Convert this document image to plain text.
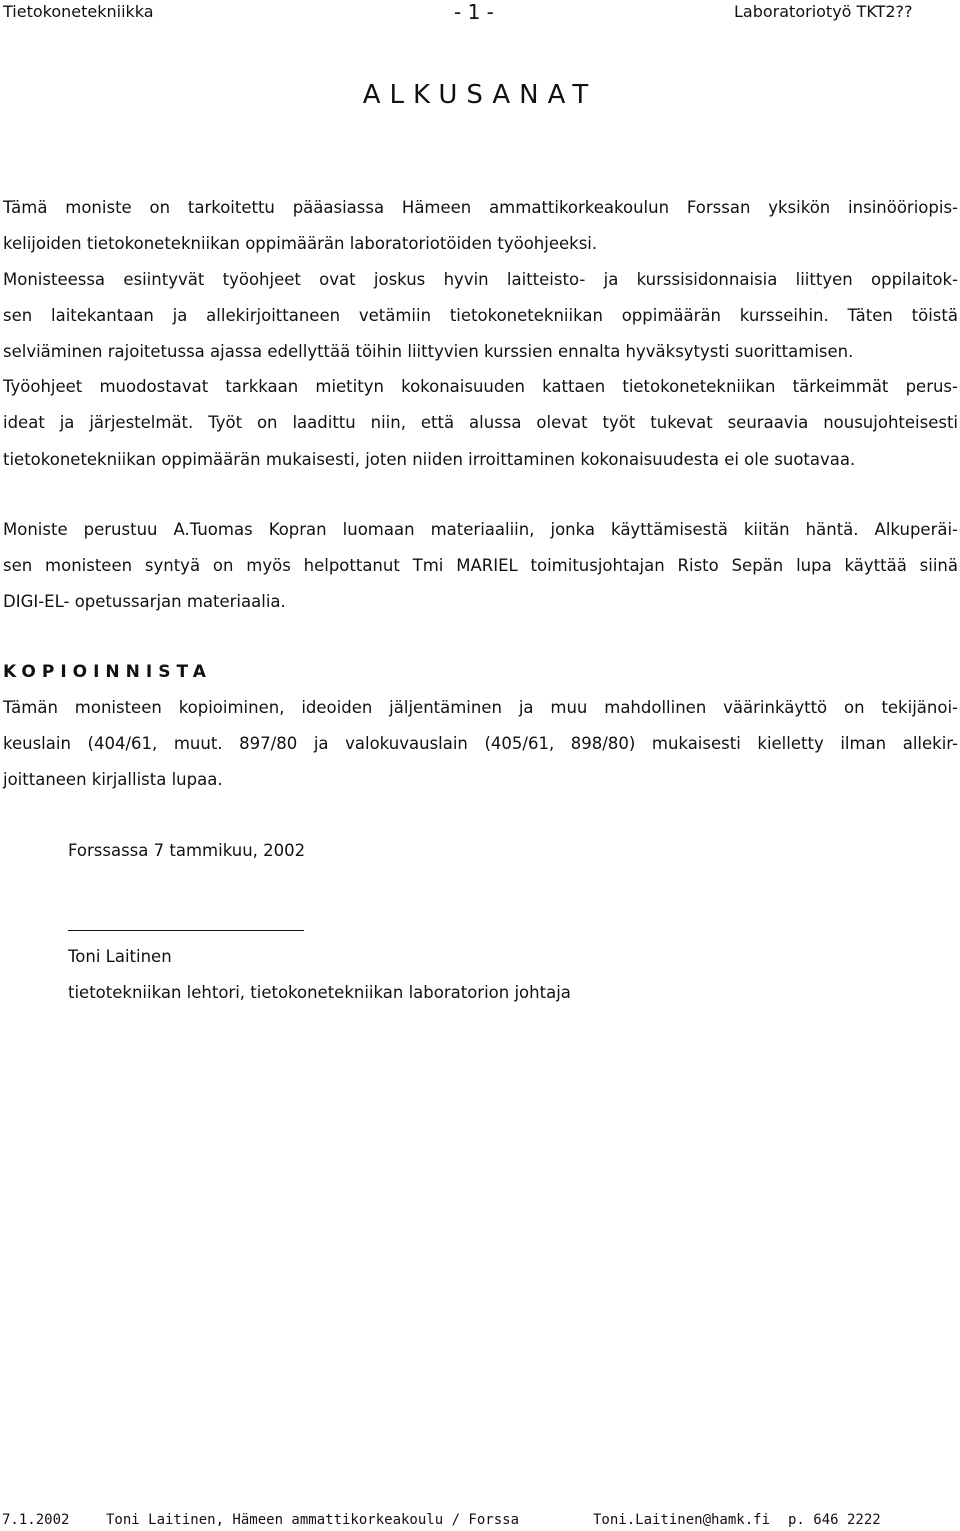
Tietokonetekniikka	- 1 -	Laboratoriotyö TKT2??
ALKUSANAT

Tämä moniste on tarkoitettu pääasiassa Hämeen ammattikorkeakoulun Forssan yksikön insinööriopis-

kelijoiden tietokonetekniikan oppimäärän laboratoriotöiden työohjeeksi.

Monisteessa esiintyvät työohjeet ovat joskus hyvin laitteisto- ja kurssisidonnaisia liittyen oppilaitok-

sen laitekantaan ja allekirjoittaneen vetämiin tietokonetekniikan oppimäärän kursseihin. Täten töistä

selviäminen rajoitetussa ajassa edellyttää töihin liittyvien kurssien ennalta hyväksytysti suorittamisen.

Työohjeet muodostavat tarkkaan mietityn kokonaisuuden kattaen tietokonetekniikan tärkeimmät perus-

ideat ja järjestelmät. Työt on laadittu niin, että alussa olevat työt tukevat seuraavia nousujohteisesti

tietokonetekniikan oppimäärän mukaisesti, joten niiden irroittaminen kokonaisuudesta ei ole suotavaa.

Moniste perustuu A.Tuomas Kopran luomaan materiaaliin, jonka käyttämisestä kiitän häntä. Alkuperäi-

sen monisteen syntyä on myös helpottanut Tmi MARIEL toimitusjohtajan Risto Sepän lupa käyttää siinä

DIGI-EL- opetussarjan materiaalia.

KOPIOINNISTA

Tämän monisteen kopioiminen, ideoiden jäljentäminen ja muu mahdollinen väärinkäyttö on tekijänoi-

keuslain (404/61, muut. 897/80 ja valokuvauslain (405/61, 898/80) mukaisesti kielletty ilman allekir-

joittaneen kirjallista lupaa.

Forssassa 7 tammikuu, 2002

Toni Laitinen

tietotekniikan lehtori, tietokonetekniikan laboratorion johtaja

7.1.2002	Toni Laitinen, Hämeen ammattikorkeakoulu / Forssa	Toni.Laitinen@hamk.fi p. 646 2222
